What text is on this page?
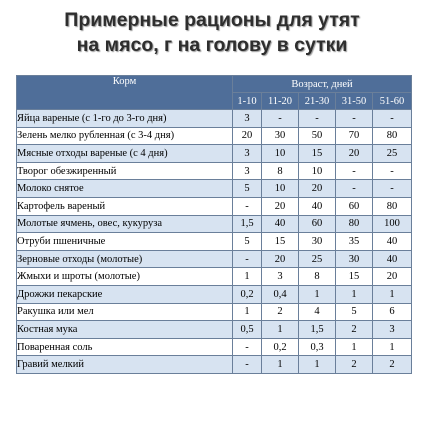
Примерные рационы для утят
на мясо, г на голову в сутки
Корм	Возраст, дней				
	1-10	11-20	21-30	31-50	51-60
Яйца вареные (с 1-го до 3-го дня)	3	-	-	-	-
Зелень мелко рубленная (с 3-4 дня)	20	30	50	70	80
Мясные отходы вареные (с 4 дня)	3	10	15	20	25
Творог обезжиренный	3	8	10	-	-
Молоко снятое	5	10	20	-	-
Картофель вареный	-	20	40	60	80
Молотые ячмень, овес, кукуруза	1,5	40	60	80	100
Отруби пшеничные	5	15	30	35	40
Зерновые отходы (молотые)	-	20	25	30	40
Жмыхи и шроты (молотые)	1	3	8	15	20
Дрожжи пекарские	0,2	0,4	1	1	1
Ракушка или мел	1	2	4	5	6
Костная мука	0,5	1	1,5	2	3
Поваренная соль	-	0,2	0,3	1	1
Гравий мелкий	-	1	1	2	2
